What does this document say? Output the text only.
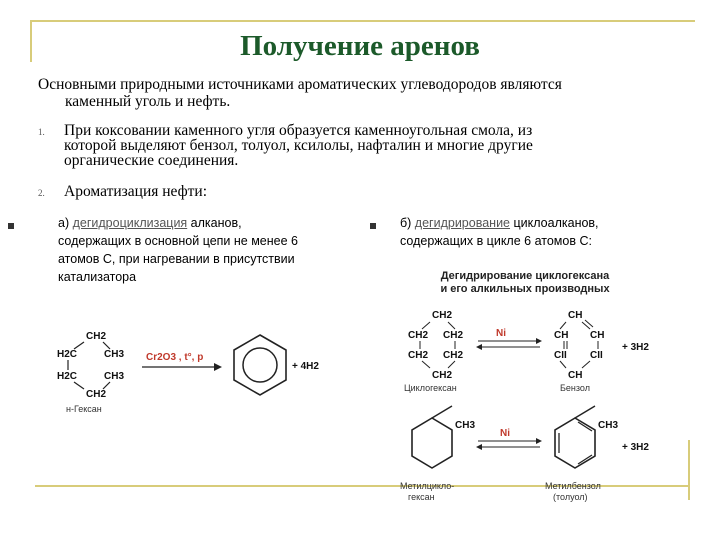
Получение аренов
Основными природными источниками ароматических углеводородов являются
каменный уголь и нефть.
1. При коксовании каменного угля образуется каменноугольная смола, из
которой выделяют бензол, толуол, ксилолы, нафталин и многие другие
органические соединения.
2. Ароматизация нефти:
а) дегидроциклизация алканов,
содержащих в основной цепи не менее 6
атомов С, при нагревании в присутствии
катализатора
б) дегидрирование циклоалканов,
содержащих в цикле 6 атомов С:
Дегидрирование циклогексана
и его алкильных производных
CH2
H2C	CH3
H2C	CH3
CH2
н-Гексан
Cr2O3 , t°, p
+ 4H2
CH2
CH2 CH2
CH2 CH2
CH2
Циклогексан
Ni
CH
CH CH
CII CII
CH
Бензол
+ 3H2
CH3
Метилцикло-
гексан
Ni
CH3
Метилбензол
(толуол)
+ 3H2
